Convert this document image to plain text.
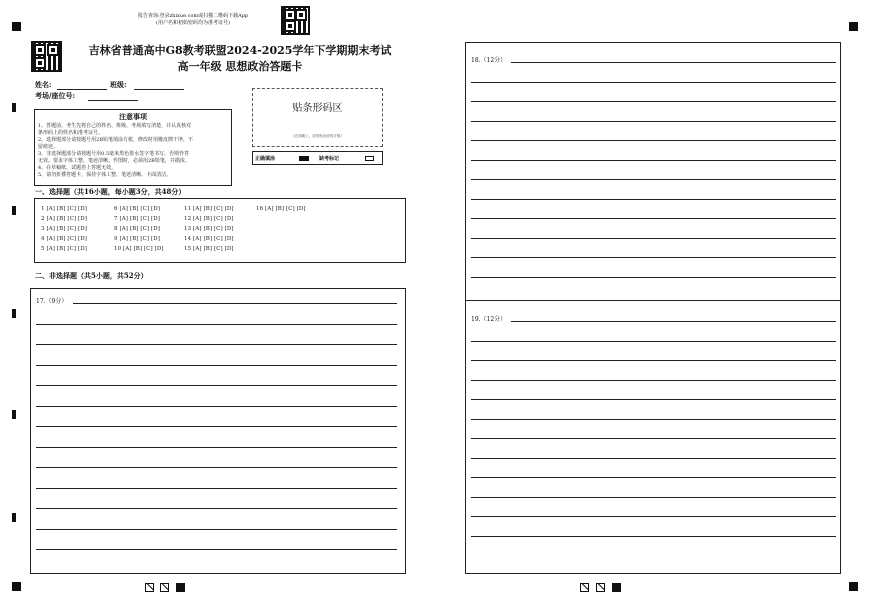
报告查询:登录zhixue.com或扫描二维码下载App
(用户名和初始密码均为准考证号)
吉林省普通高中G8教考联盟2024-2025学年下学期期末考试
高一年级 思想政治答题卡
姓名:	班级:
考场/座位号:
注意事项
1、答题前，考生先将自己的姓名、班级、考场填写清楚，并认真核对
条形码上的姓名和准考证号。
2、选择题部分请按题号用2B铅笔填涂方框，修改时用橡皮擦干净，不
留痕迹。
3、非选择题部分请按题号用0.5毫米黑色墨水签字笔书写，否则作答
无效。要求字体工整、笔迹清晰。作图时，必须用2B铅笔，并描浓。
4、在草稿纸、试题卷上答题无效。
5、请勿折叠答题卡，保持字体工整、笔迹清晰、卡面清洁。
贴条形码区
(正面朝上，切勿贴出虚线方框)
正确填涂	缺考标记
一、选择题（共16小题，每小题3分，共48分）
1 [A] [B] [C] [D]
2 [A] [B] [C] [D]
3 [A] [B] [C] [D]
4 [A] [B] [C] [D]
5 [A] [B] [C] [D]
6 [A] [B] [C] [D]
7 [A] [B] [C] [D]
8 [A] [B] [C] [D]
9 [A] [B] [C] [D]
10 [A] [B] [C] [D]
11 [A] [B] [C] [D]
12 [A] [B] [C] [D]
13 [A] [B] [C] [D]
14 [A] [B] [C] [D]
15 [A] [B] [C] [D]
16 [A] [B] [C] [D]
二、非选择题（共5小题，共52分）
17.（9分）
18.（12分）
19.（12分）
